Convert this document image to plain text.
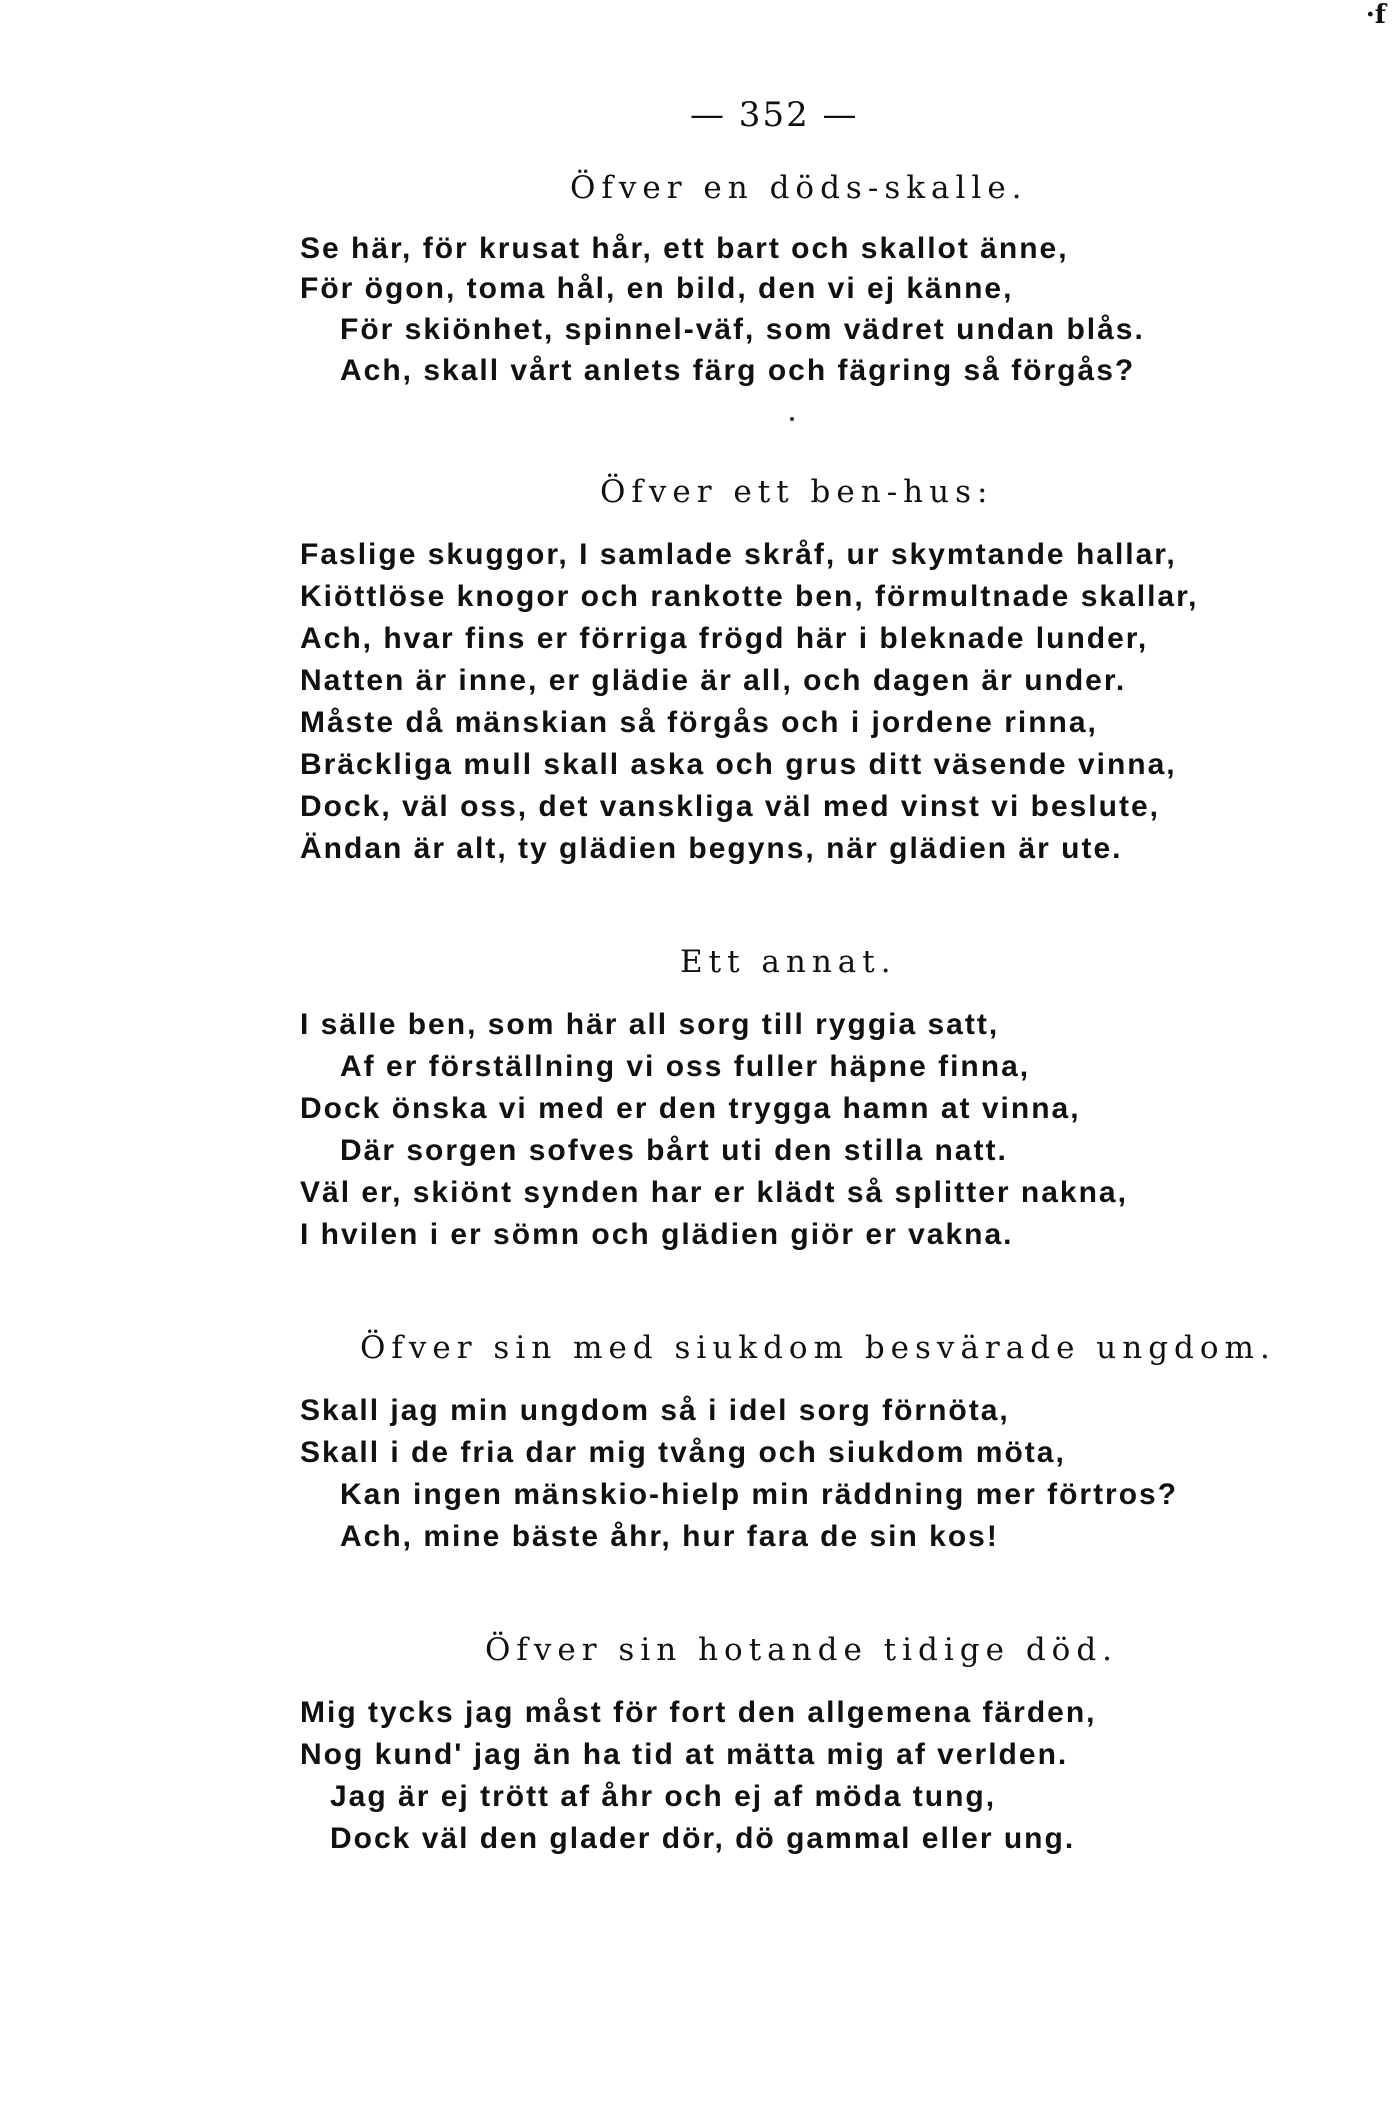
·f
— 352 —
Öfver en döds-skalle.
Se här, för krusat hår, ett bart och skallot änne,
För ögon, toma hål, en bild, den vi ej känne,
För skiönhet, spinnel-väf, som vädret undan blås.
Ach, skall vårt anlets färg och fägring så förgås?
Öfver ett ben-hus:
Faslige skuggor, I samlade skråf, ur skymtande hallar,
Kiöttlöse knogor och rankotte ben, förmultnade skallar,
Ach, hvar fins er förriga frögd här i bleknade lunder,
Natten är inne, er glädie är all, och dagen är under.
Måste då mänskian så förgås och i jordene rinna,
Bräckliga mull skall aska och grus ditt väsende vinna,
Dock, väl oss, det vanskliga väl med vinst vi beslute,
Ändan är alt, ty glädien begyns, när glädien är ute.
Ett annat.
I sälle ben, som här all sorg till ryggia satt,
Af er förställning vi oss fuller häpne finna,
Dock önska vi med er den trygga hamn at vinna,
Där sorgen sofves bårt uti den stilla natt.
Väl er, skiönt synden har er klädt så splitter nakna,
I hvilen i er sömn och glädien giör er vakna.
Öfver sin med siukdom besvärade ungdom.
Skall jag min ungdom så i idel sorg förnöta,
Skall i de fria dar mig tvång och siukdom möta,
Kan ingen mänskio-hielp min räddning mer förtros?
Ach, mine bäste åhr, hur fara de sin kos!
Öfver sin hotande tidige död.
Mig tycks jag måst för fort den allgemena färden,
Nog kund' jag än ha tid at mätta mig af verlden.
Jag är ej trött af åhr och ej af möda tung,
Dock väl den glader dör, dö gammal eller ung.
